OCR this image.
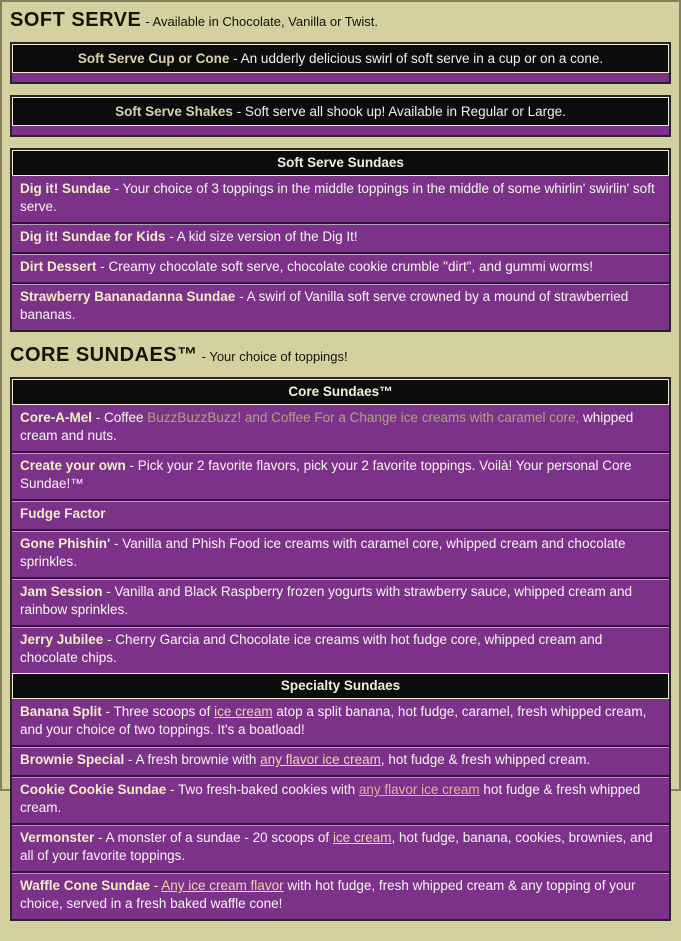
SOFT SERVE - Available in Chocolate, Vanilla or Twist.
Soft Serve Cup or Cone - An udderly delicious swirl of soft serve in a cup or on a cone.
Soft Serve Shakes - Soft serve all shook up! Available in Regular or Large.
Soft Serve Sundaes
Dig it! Sundae - Your choice of 3 toppings in the middle toppings in the middle of some whirlin' swirlin' soft serve.
Dig it! Sundae for Kids - A kid size version of the Dig It!
Dirt Dessert - Creamy chocolate soft serve, chocolate cookie crumble "dirt", and gummi worms!
Strawberry Bananadanna Sundae - A swirl of Vanilla soft serve crowned by a mound of strawberried bananas.
CORE SUNDAES™ - Your choice of toppings!
Core Sundaes™
Core-A-Mel - Coffee BuzzBuzzBuzz! and Coffee For a Change ice creams with caramel core, whipped cream and nuts.
Create your own - Pick your 2 favorite flavors, pick your 2 favorite toppings. Voilà! Your personal Core Sundae!™
Fudge Factor
Gone Phishin' - Vanilla and Phish Food ice creams with caramel core, whipped cream and chocolate sprinkles.
Jam Session - Vanilla and Black Raspberry frozen yogurts with strawberry sauce, whipped cream and rainbow sprinkles.
Jerry Jubilee - Cherry Garcia and Chocolate ice creams with hot fudge core, whipped cream and chocolate chips.
Specialty Sundaes
Banana Split - Three scoops of ice cream atop a split banana, hot fudge, caramel, fresh whipped cream, and your choice of two toppings. It's a boatload!
Brownie Special - A fresh brownie with any flavor ice cream, hot fudge & fresh whipped cream.
Cookie Cookie Sundae - Two fresh-baked cookies with any flavor ice cream hot fudge & fresh whipped cream.
Vermonster - A monster of a sundae - 20 scoops of ice cream, hot fudge, banana, cookies, brownies, and all of your favorite toppings.
Waffle Cone Sundae - Any ice cream flavor with hot fudge, fresh whipped cream & any topping of your choice, served in a fresh baked waffle cone!
